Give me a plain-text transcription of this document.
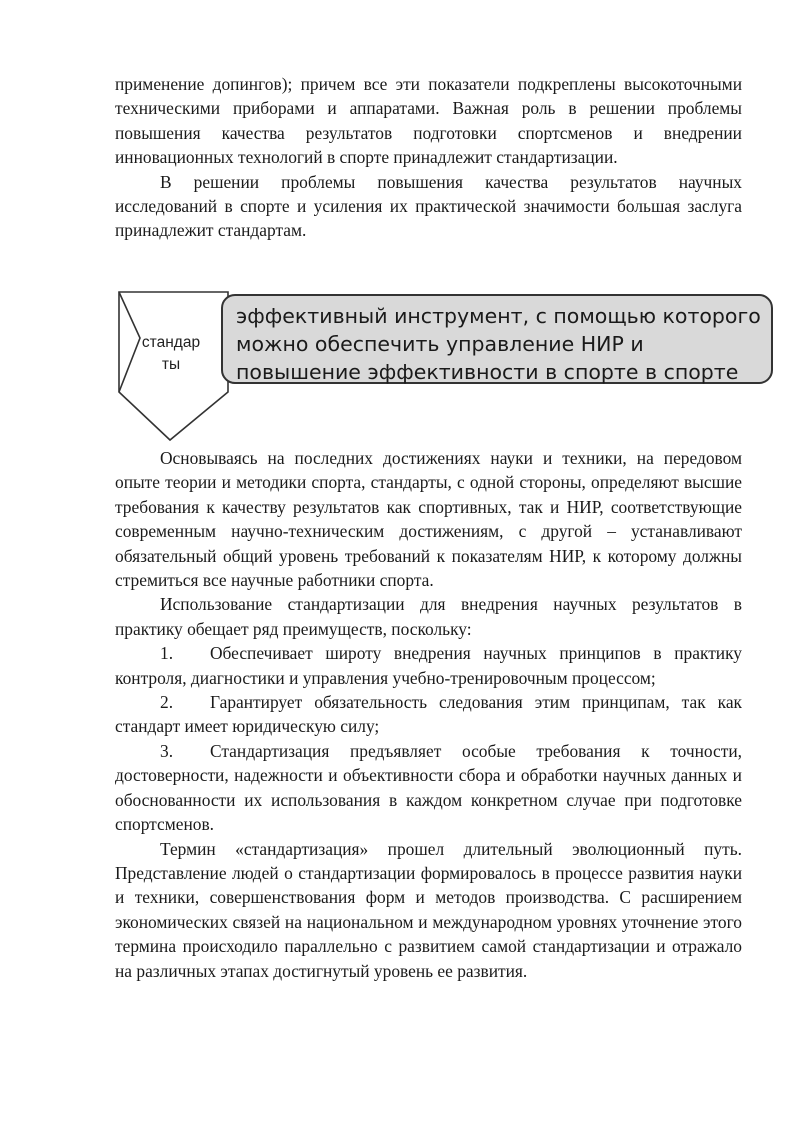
применение допингов); причем все эти показатели подкреплены высокоточными техническими приборами и аппаратами. Важная роль в решении проблемы повышения качества результатов подготовки спортсменов и внедрении инновационных технологий в спорте принадлежит стандартизации.

В решении проблемы повышения качества результатов научных исследований в спорте и усиления их практической значимости большая заслуга принадлежит стандартам.

стандарты
эффективный инструмент, с помощью которого можно обеспечить управление НИР и повышение эффективности в спорте в спорте

Основываясь на последних достижениях науки и техники, на передовом опыте теории и методики спорта, стандарты, с одной стороны, определяют высшие требования к качеству результатов как спортивных, так и НИР, соответствующие современным научно-техническим достижениям, с другой – устанавливают обязательный общий уровень требований к показателям НИР, к которому должны стремиться все научные работники спорта.

Использование стандартизации для внедрения научных результатов в практику обещает ряд преимуществ, поскольку:

1. Обеспечивает широту внедрения научных принципов в практику контроля, диагностики и управления учебно-тренировочным процессом;

2. Гарантирует обязательность следования этим принципам, так как стандарт имеет юридическую силу;

3. Стандартизация предъявляет особые требования к точности, достоверности, надежности и объективности сбора и обработки научных данных и обоснованности их использования в каждом конкретном случае при подготовке спортсменов.

Термин «стандартизация» прошел длительный эволюционный путь. Представление людей о стандартизации формировалось в процессе развития науки и техники, совершенствования форм и методов производства. С расширением экономических связей на национальном и международном уровнях уточнение этого термина происходило параллельно с развитием самой стандартизации и отражало на различных этапах достигнутый уровень ее развития.
